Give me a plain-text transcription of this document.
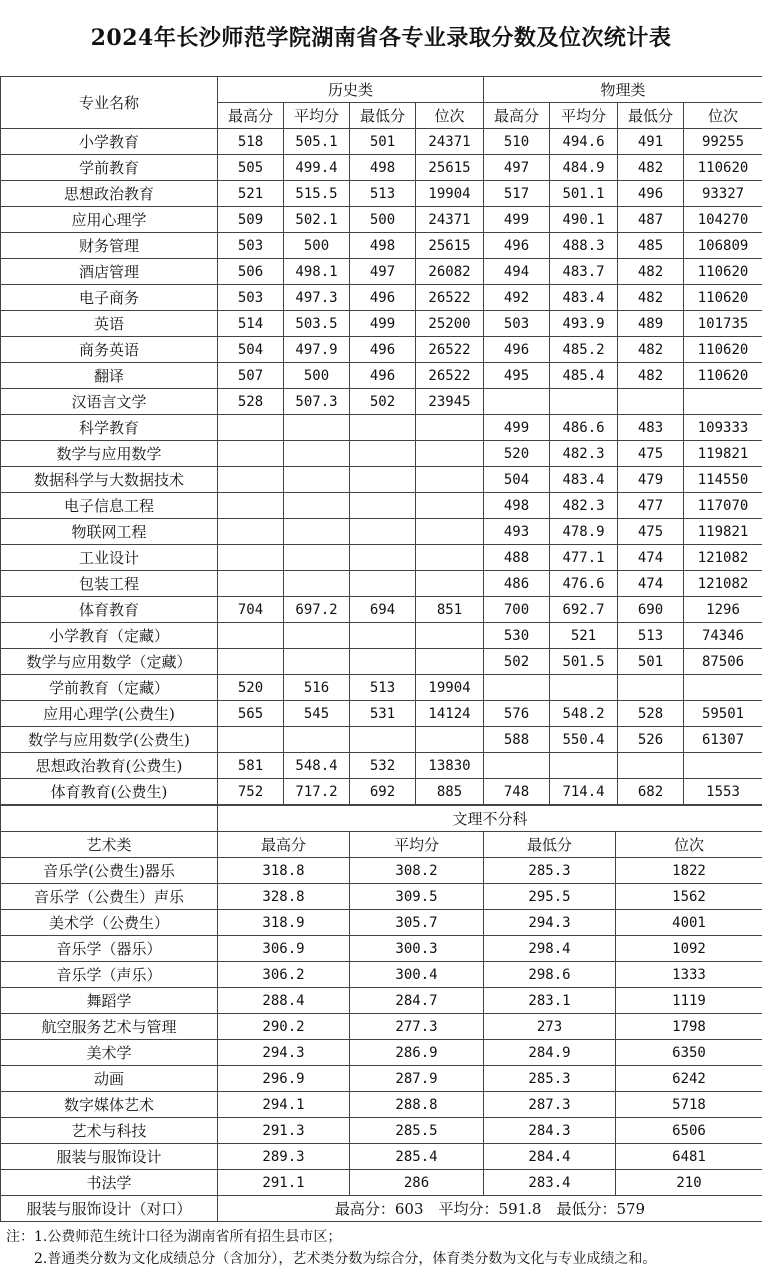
2024年长沙师范学院湖南省各专业录取分数及位次统计表
专业名称	历史类				物理类			
	最高分	平均分	最低分	位次	最高分	平均分	最低分	位次
小学教育	518	505.1	501	24371	510	494.6	491	99255
学前教育	505	499.4	498	25615	497	484.9	482	110620
思想政治教育	521	515.5	513	19904	517	501.1	496	93327
应用心理学	509	502.1	500	24371	499	490.1	487	104270
财务管理	503	500	498	25615	496	488.3	485	106809
酒店管理	506	498.1	497	26082	494	483.7	482	110620
电子商务	503	497.3	496	26522	492	483.4	482	110620
英语	514	503.5	499	25200	503	493.9	489	101735
商务英语	504	497.9	496	26522	496	485.2	482	110620
翻译	507	500	496	26522	495	485.4	482	110620
汉语言文学	528	507.3	502	23945				
科学教育					499	486.6	483	109333
数学与应用数学					520	482.3	475	119821
数据科学与大数据技术					504	483.4	479	114550
电子信息工程					498	482.3	477	117070
物联网工程					493	478.9	475	119821
工业设计					488	477.1	474	121082
包装工程					486	476.6	474	121082
体育教育	704	697.2	694	851	700	692.7	690	1296
小学教育（定藏）					530	521	513	74346
数学与应用数学（定藏）					502	501.5	501	87506
学前教育（定藏）	520	516	513	19904				
应用心理学(公费生)	565	545	531	14124	576	548.2	528	59501
数学与应用数学(公费生)					588	550.4	526	61307
思想政治教育(公费生)	581	548.4	532	13830				
体育教育(公费生)	752	717.2	692	885	748	714.4	682	1553
	文理不分科			
艺术类	最高分	平均分	最低分	位次
音乐学(公费生)器乐	318.8	308.2	285.3	1822
音乐学（公费生）声乐	328.8	309.5	295.5	1562
美术学（公费生）	318.9	305.7	294.3	4001
音乐学（器乐）	306.9	300.3	298.4	1092
音乐学（声乐）	306.2	300.4	298.6	1333
舞蹈学	288.4	284.7	283.1	1119
航空服务艺术与管理	290.2	277.3	273	1798
美术学	294.3	286.9	284.9	6350
动画	296.9	287.9	285.3	6242
数字媒体艺术	294.1	288.8	287.3	5718
艺术与科技	291.3	285.5	284.3	6506
服装与服饰设计	289.3	285.4	284.4	6481
书法学	291.1	286	283.4	210
服装与服饰设计（对口）	最高分：603　平均分：591.8　最低分：579			
注：1.公费师范生统计口径为湖南省所有招生县市区；
2.普通类分数为文化成绩总分（含加分），艺术类分数为综合分，体育类分数为文化与专业成绩之和。
